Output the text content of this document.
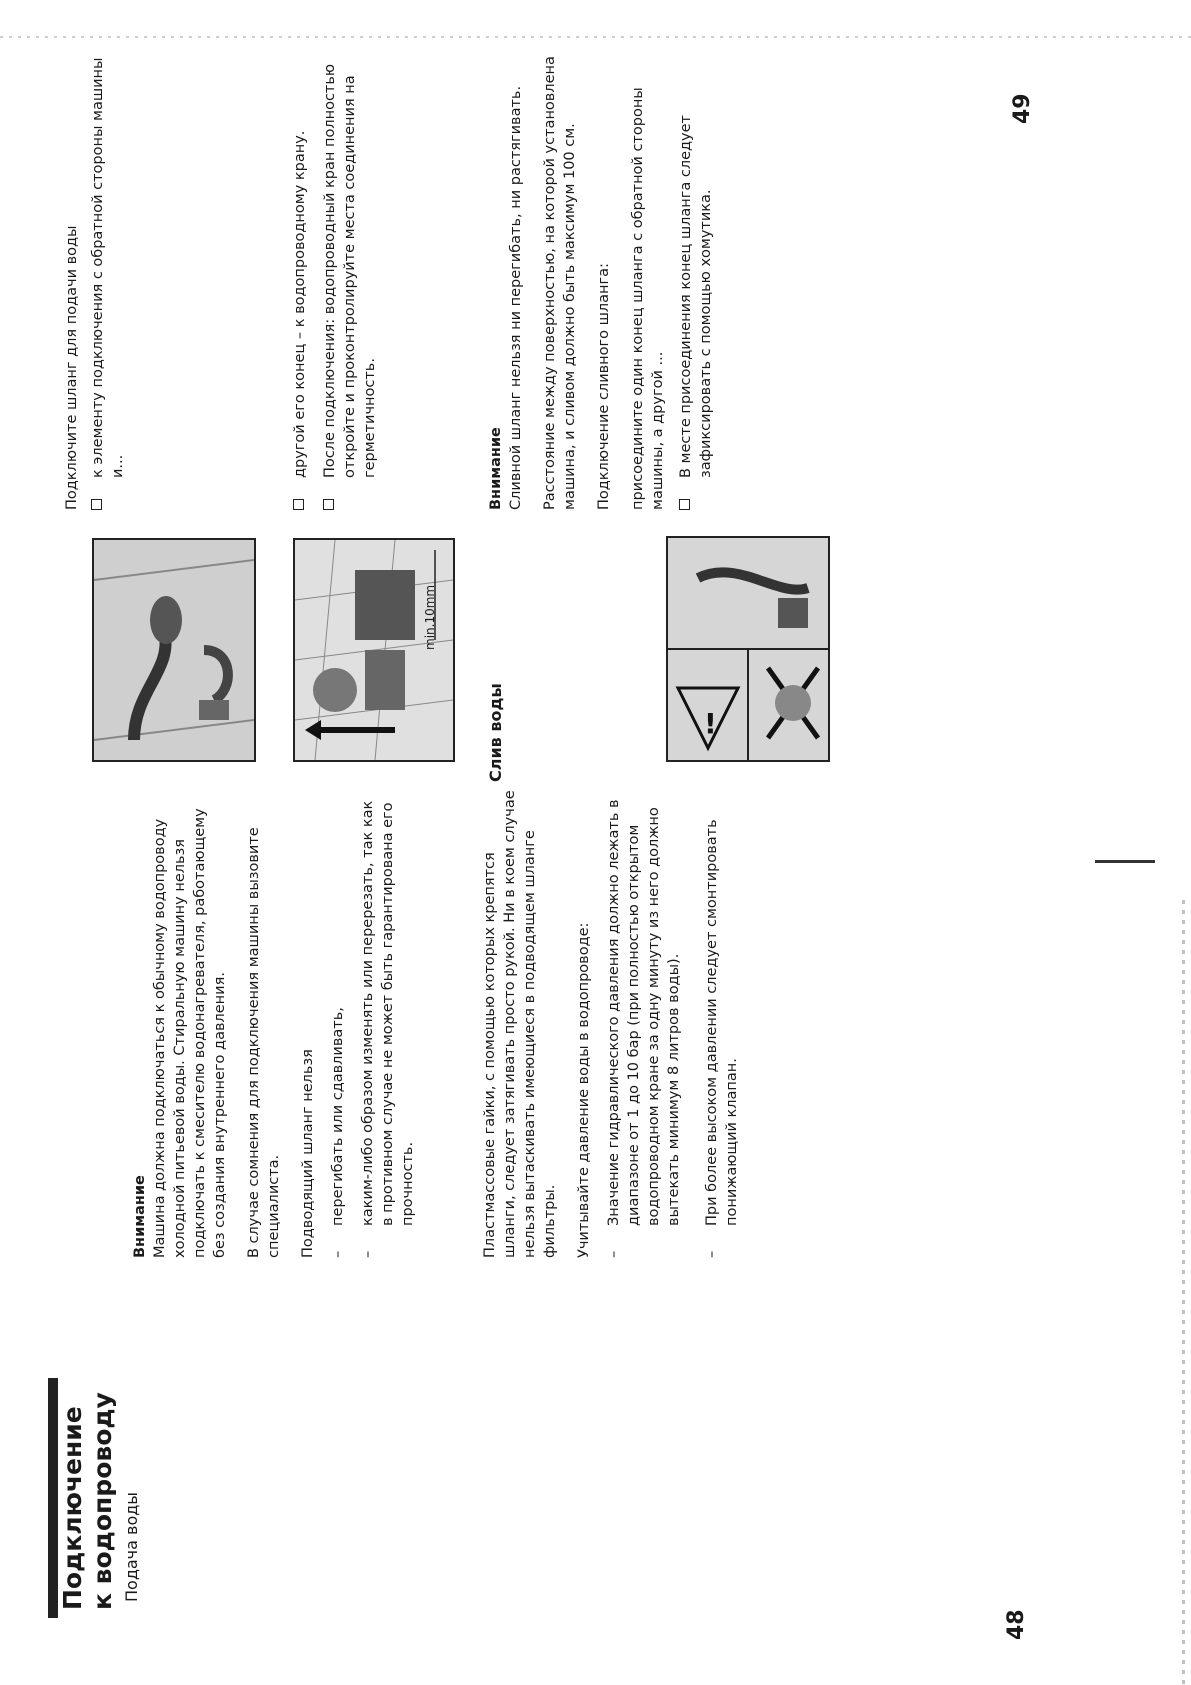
Подключение к водопроводу Подача воды
48

Внимание Машина должна подключаться к обычному водопроводу холодной питьевой воды. Стиральную машину нельзя подключать к смесителю водонагревателя, работающему без создания внутреннего давления. В случае сомнения для подключения машины вызовите специалиста. Подводящий шланг нельзя –
перегибать или сдавливать,
–
каким-либо образом изменять или перерезать, так как в противном случае не может быть гарантирована его прочность.	Пластмассовые гайки, с помощью которых крепятся шланги, следует затягивать просто рукой. Ни в коем случае нельзя вытаскивать имеющиеся в подводящем шланге фильтры. Учитывайте давление воды в водопроводе: –
Значение гидравлического давления должно лежать в диапазоне от 1 до 10 бар (при полностью открытом водопроводном кране за одну минуту из него должно вытекать минимум 8 литров воды).
–
При более высоком давлении следует смонтировать понижающий клапан.
49
min.10mm
!

Подключите шланг для подачи воды к элементу подключения с обратной стороны машины и...	другой его конец – к водопроводному крану. После подключения: водопроводный кран полностью откройте и проконтролируйте места соединения на герметичность.
Слив воды

Внимание Сливной шланг нельзя ни перегибать, ни растягивать. Расстояние между поверхностью, на которой установлена машина, и сливом должно быть максимум 100 см. Подключение сливного шланга: присоедините один конец шланга с обратной стороны машины, а другой ... В месте присоединения конец шланга следует зафиксировать с помощью хомутика.
